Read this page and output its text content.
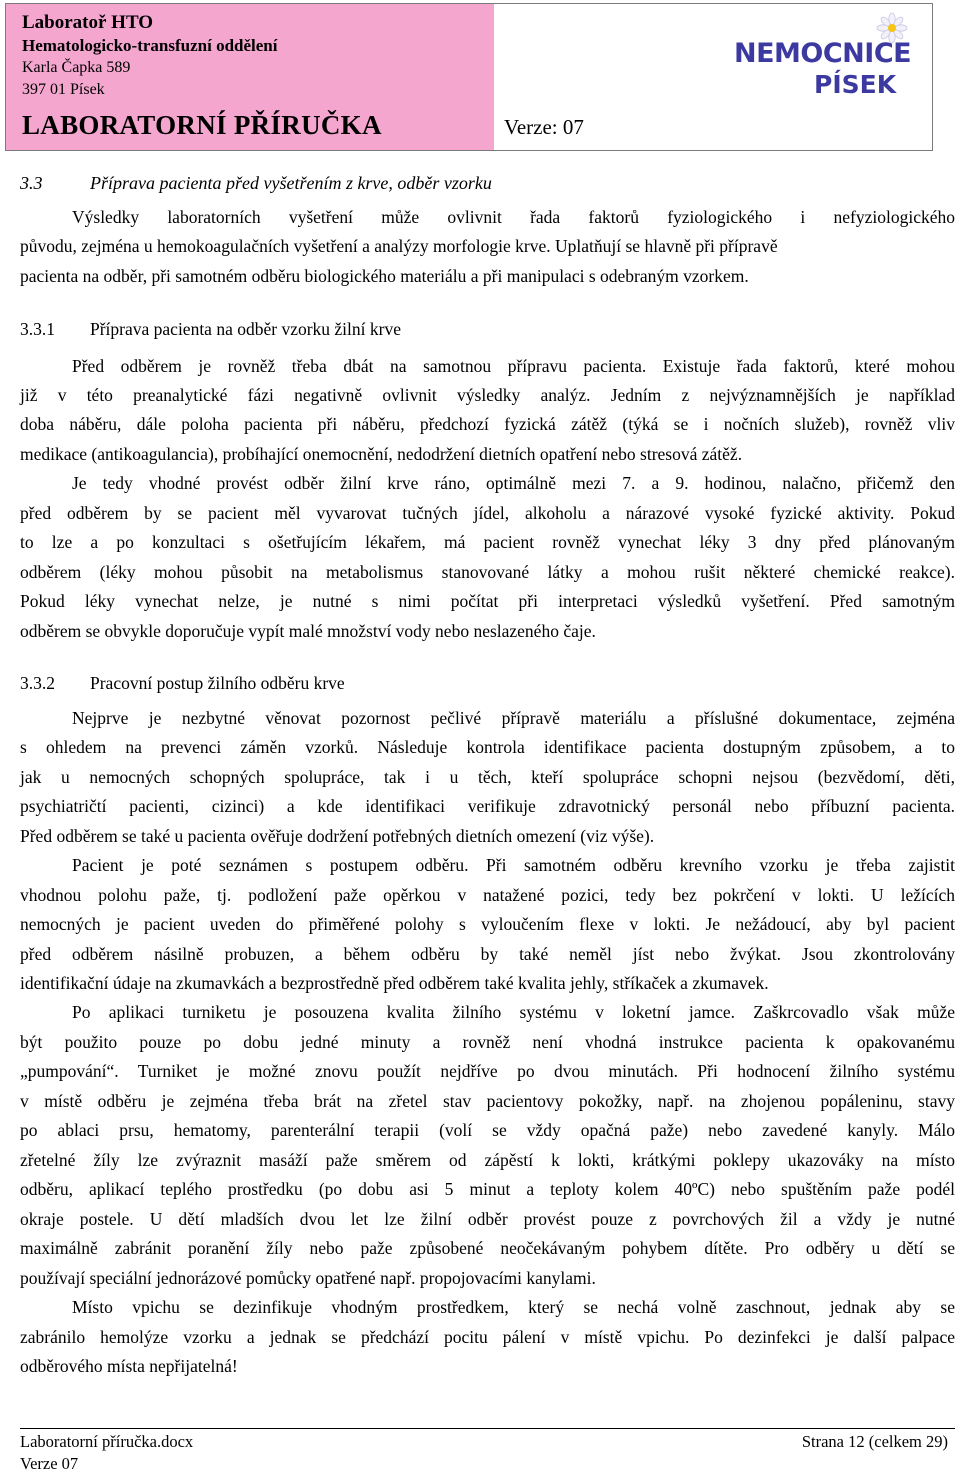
Laboratoř HTO
Hematologicko-transfuzní oddělení
Karla Čapka 589
397 01 Písek
LABORATORNÍ PŘÍRUČKA	Verze: 07
NEMOCNICE
PÍSEK
3.3	Příprava pacienta před vyšetřením z krve, odběr vzorku
Výsledky laboratorních vyšetření může ovlivnit řada faktorů fyziologického i nefyziologického
původu, zejména u hemokoagulačních vyšetření a analýzy morfologie krve. Uplatňují se hlavně při přípravě
pacienta na odběr, při samotném odběru biologického materiálu a při manipulaci s odebraným vzorkem.
3.3.1 Příprava pacienta na odběr vzorku žilní krve
Před odběrem je rovněž třeba dbát na samotnou přípravu pacienta. Existuje řada faktorů, které mohou
již v této preanalytické fázi negativně ovlivnit výsledky analýz. Jedním z nejvýznamnějších je například
doba náběru, dále poloha pacienta při náběru, předchozí fyzická zátěž (týká se i nočních služeb), rovněž vliv
medikace (antikoagulancia), probíhající onemocnění, nedodržení dietních opatření nebo stresová zátěž.
Je tedy vhodné provést odběr žilní krve ráno, optimálně mezi 7. a 9. hodinou, nalačno, přičemž den
před odběrem by se pacient měl vyvarovat tučných jídel, alkoholu a nárazové vysoké fyzické aktivity. Pokud
to lze a po konzultaci s ošetřujícím lékařem, má pacient rovněž vynechat léky 3 dny před plánovaným
odběrem (léky mohou působit na metabolismus stanovované látky a mohou rušit některé chemické reakce).
Pokud léky vynechat nelze, je nutné s nimi počítat při interpretaci výsledků vyšetření. Před samotným
odběrem se obvykle doporučuje vypít malé množství vody nebo neslazeného čaje.
3.3.2 Pracovní postup žilního odběru krve
Nejprve je nezbytné věnovat pozornost pečlivé přípravě materiálu a příslušné dokumentace, zejména
s ohledem na prevenci záměn vzorků. Následuje kontrola identifikace pacienta dostupným způsobem, a to
jak u nemocných schopných spolupráce, tak i u těch, kteří spolupráce schopni nejsou (bezvědomí, děti,
psychiatričtí pacienti, cizinci) a kde identifikaci verifikuje zdravotnický personál nebo příbuzní pacienta.
Před odběrem se také u pacienta ověřuje dodržení potřebných dietních omezení (viz výše).
Pacient je poté seznámen s postupem odběru. Při samotném odběru krevního vzorku je třeba zajistit
vhodnou polohu paže, tj. podložení paže opěrkou v natažené pozici, tedy bez pokrčení v lokti. U ležících
nemocných je pacient uveden do přiměřené polohy s vyloučením flexe v lokti. Je nežádoucí, aby byl pacient
před odběrem násilně probuzen, a během odběru by také neměl jíst nebo žvýkat. Jsou zkontrolovány
identifikační údaje na zkumavkách a bezprostředně před odběrem také kvalita jehly, stříkaček a zkumavek.
Po aplikaci turniketu je posouzena kvalita žilního systému v loketní jamce. Zaškrcovadlo však může
být použito pouze po dobu jedné minuty a rovněž není vhodná instrukce pacienta k opakovanému
„pumpování“. Turniket je možné znovu použít nejdříve po dvou minutách. Při hodnocení žilního systému
v místě odběru je zejména třeba brát na zřetel stav pacientovy pokožky, např. na zhojenou popáleninu, stavy
po ablaci prsu, hematomy, parenterální terapii (volí se vždy opačná paže) nebo zavedené kanyly. Málo
zřetelné žíly lze zvýraznit masáží paže směrem od zápěstí k lokti, krátkými poklepy ukazováky na místo
odběru, aplikací teplého prostředku (po dobu asi 5 minut a teploty kolem 40ºC) nebo spuštěním paže podél
okraje postele. U dětí mladších dvou let lze žilní odběr provést pouze z povrchových žil a vždy je nutné
maximálně zabránit poranění žíly nebo paže způsobené neočekávaným pohybem dítěte. Pro odběry u dětí se
používají speciální jednorázové pomůcky opatřené např. propojovacími kanylami.
Místo vpichu se dezinfikuje vhodným prostředkem, který se nechá volně zaschnout, jednak aby se
zabránilo hemolýze vzorku a jednak se předchází pocitu pálení v místě vpichu. Po dezinfekci je další palpace
odběrového místa nepřijatelná!
Laboratorní příručka.docx
Verze 07
Strana 12 (celkem 29)
